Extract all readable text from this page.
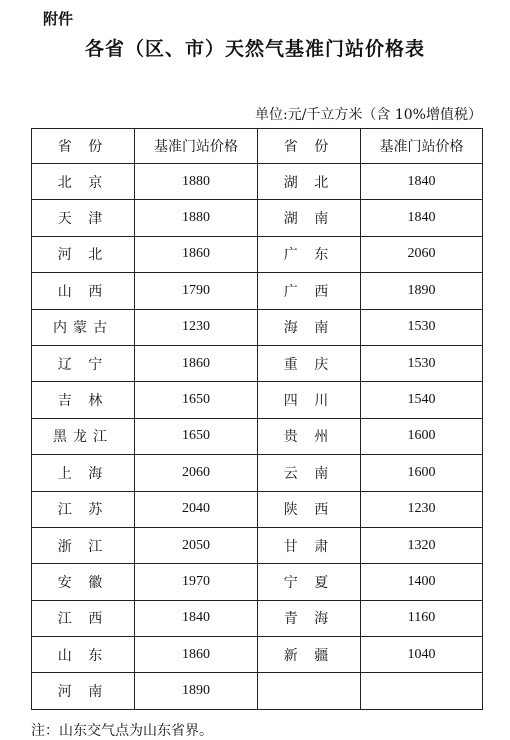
附件
各省（区、市）天然气基准门站价格表
单位:元/千立方米（含 10%增值税）
省 份	基准门站价格	省 份	基准门站价格
北 京	1880	湖 北	1840
天 津	1880	湖 南	1840
河 北	1860	广 东	2060
山 西	1790	广 西	1890
内蒙古	1230	海 南	1530
辽 宁	1860	重 庆	1530
吉 林	1650	四 川	1540
黑龙江	1650	贵 州	1600
上 海	2060	云 南	1600
江 苏	2040	陕 西	1230
浙 江	2050	甘 肃	1320
安 徽	1970	宁 夏	1400
江 西	1840	青 海	1160
山 东	1860	新 疆	1040
河 南	1890		
注：山东交气点为山东省界。
